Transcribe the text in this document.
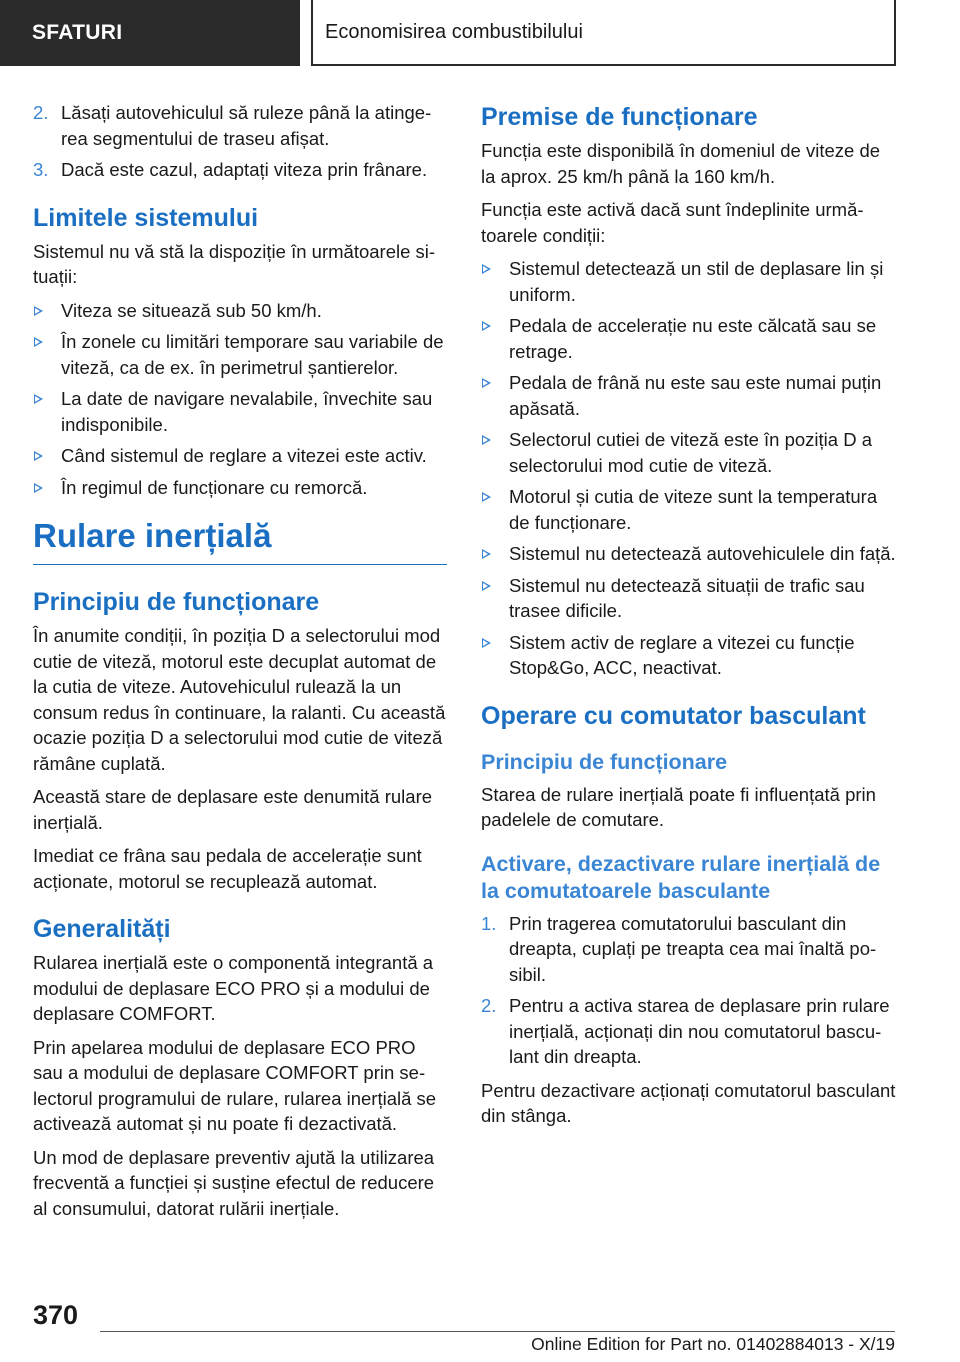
SFATURI	Economisirea combustibilului
2. Lăsați autovehiculul să ruleze până la atingerea segmentului de traseu afișat.
3. Dacă este cazul, adaptați viteza prin frânare.
Limitele sistemului

Sistemul nu vă stă la dispoziție în următoarele situații:

Viteza se situează sub 50 km/h.
În zonele cu limitări temporare sau variabile de viteză, ca de ex. în perimetrul șantierelor.
La date de navigare nevalabile, învechite sau indisponibile.
Când sistemul de reglare a vitezei este activ.
În regimul de funcționare cu remorcă.
Rulare inerțială
Principiu de funcționare

În anumite condiții, în poziția D a selectorului mod cutie de viteză, motorul este decuplat automat de la cutia de viteze. Autovehiculul rulează la un consum redus în continuare, la ralanti. Cu această ocazie poziția D a selectorului mod cutie de viteză rămâne cuplată.

Această stare de deplasare este denumită rulare inerțială.

Imediat ce frâna sau pedala de accelerație sunt acționate, motorul se recuplează automat.

Generalități

Rularea inerțială este o componentă integrantă a modului de deplasare ECO PRO și a modului de deplasare COMFORT.

Prin apelarea modului de deplasare ECO PRO sau a modului de deplasare COMFORT prin selectorul programului de rulare, rularea inerțială se activează automat și nu poate fi dezactivată.

Un mod de deplasare preventiv ajută la utilizarea frecventă a funcției și susține efectul de reducere al consumului, datorat rulării inerțiale.

Premise de funcționare

Funcția este disponibilă în domeniul de viteze de la aprox. 25 km/h până la 160 km/h.

Funcția este activă dacă sunt îndeplinite următoarele condiții:

Sistemul detectează un stil de deplasare lin și uniform.
Pedala de accelerație nu este călcată sau se retrage.
Pedala de frână nu este sau este numai puțin apăsată.
Selectorul cutiei de viteză este în poziția D a selectorului mod cutie de viteză.
Motorul și cutia de viteze sunt la temperatura de funcționare.
Sistemul nu detectează autovehiculele din față.
Sistemul nu detectează situații de trafic sau trasee dificile.
Sistem activ de reglare a vitezei cu funcție Stop&Go, ACC, neactivat.
Operare cu comutator basculant
Principiu de funcționare

Starea de rulare inerțială poate fi influențată prin padelele de comutare.

Activare, dezactivare rulare inerțială de la comutatoarele basculante
1. Prin tragerea comutatorului basculant din dreapta, cuplați pe treapta cea mai înaltă posibil.
2. Pentru a activa starea de deplasare prin rulare inerțială, acționați din nou comutatorul basculant din dreapta.

Pentru dezactivare acționați comutatorul basculant din stânga.

370
Online Edition for Part no. 01402884013 - X/19
